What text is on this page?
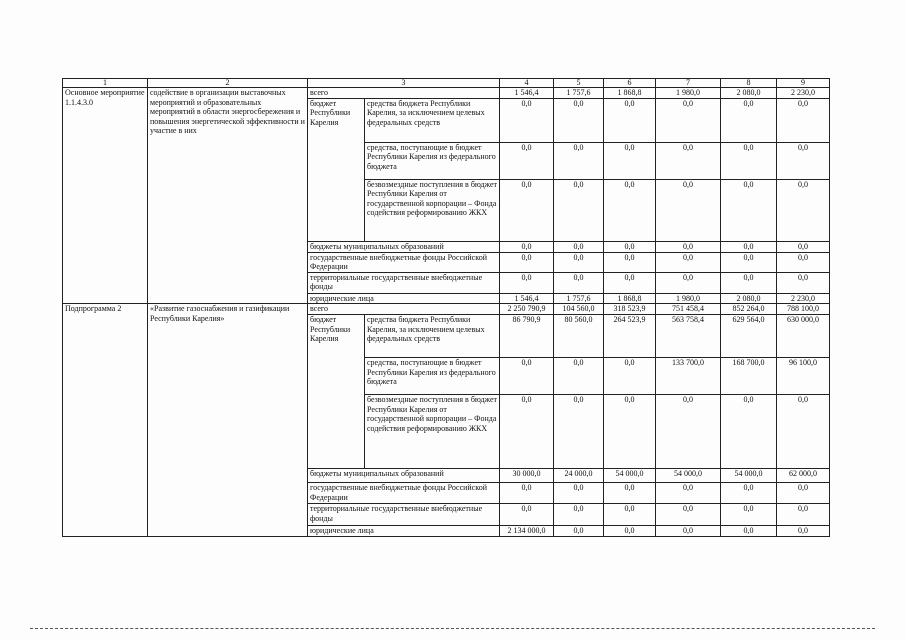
1	2	3		4	5	6	7	8	9
Основное мероприятие 1.1.4.3.0	содействие в организации выставочных мероприятий и образовательных мероприятий в области энергосбережения и повышения энергетической эффективности и участие в них	всего		1 546,4	1 757,6	1 868,8	1 980,0	2 080,0	2 230,0
		бюджет Республики Карелия	средства бюджета Республики Карелия, за исключением целевых федеральных средств	0,0	0,0	0,0	0,0	0,0	0,0
			средства, поступающие в бюджет Республики Карелия из федерального бюджета	0,0	0,0	0,0	0,0	0,0	0,0
			безвозмездные поступления в бюджет Республики Карелия от государственной корпорации – Фонда содействия реформированию ЖКХ	0,0	0,0	0,0	0,0	0,0	0,0
		бюджеты муниципальных образований		0,0	0,0	0,0	0,0	0,0	0,0
		государственные внебюджетные фонды Российской Федерации		0,0	0,0	0,0	0,0	0,0	0,0
		территориальные государственные внебюджетные фонды		0,0	0,0	0,0	0,0	0,0	0,0
		юридические лица		1 546,4	1 757,6	1 868,8	1 980,0	2 080,0	2 230,0
Подпрограмма 2	«Развитие газоснабжения и газификации Республики Карелия»	всего		2 250 790,9	104 560,0	318 523,9	751 458,4	852 264,0	788 100,0
		бюджет Республики Карелия	средства бюджета Республики Карелия, за исключением целевых федеральных средств	86 790,9	80 560,0	264 523,9	563 758,4	629 564,0	630 000,0
			средства, поступающие в бюджет Республики Карелия из федерального бюджета	0,0	0,0	0,0	133 700,0	168 700,0	96 100,0
			безвозмездные поступления в бюджет Республики Карелия от государственной корпорации – Фонда содействия реформированию ЖКХ	0,0	0,0	0,0	0,0	0,0	0,0
		бюджеты муниципальных образований		30 000,0	24 000,0	54 000,0	54 000,0	54 000,0	62 000,0
		государственные внебюджетные фонды Российской Федерации		0,0	0,0	0,0	0,0	0,0	0,0
		территориальные государственные внебюджетные фонды		0,0	0,0	0,0	0,0	0,0	0,0
		юридические лица		2 134 000,0	0,0	0,0	0,0	0,0	0,0
